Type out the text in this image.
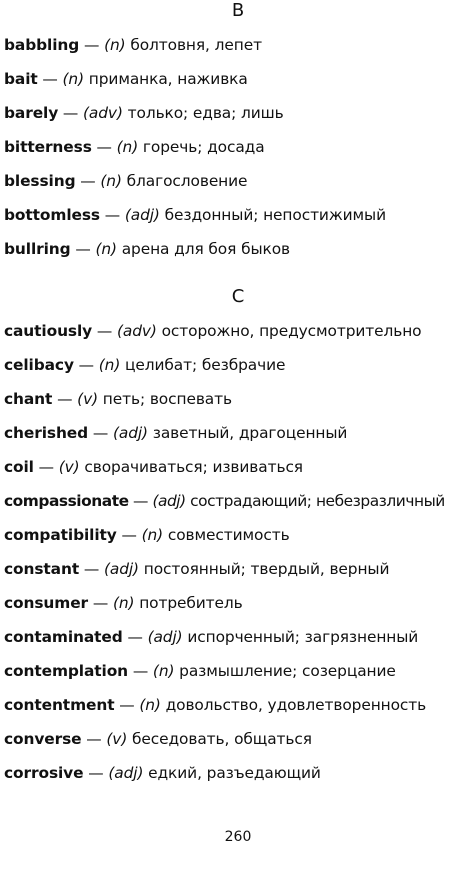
B
babbling — (n) болтовня, лепет
bait — (n) приманка, наживка
barely — (adv) только; едва; лишь
bitterness — (n) горечь; досада
blessing — (n) благословение
bottomless — (adj) бездонный; непостижимый
bullring — (n) арена для боя быков
C
cautiously — (adv) осторожно, предусмотрительно
celibacy — (n) целибат; безбрачие
chant — (v) петь; воспевать
cherished — (adj) заветный, драгоценный
coil — (v) сворачиваться; извиваться
compassionate — (adj) сострадающий; небезразличный
compatibility — (n) совместимость
constant — (adj) постоянный; твердый, верный
consumer — (n) потребитель
contaminated — (adj) испорченный; загрязненный
contemplation — (n) размышление; созерцание
contentment — (n) довольство, удовлетворенность
converse — (v) беседовать, общаться
corrosive — (adj) едкий, разъедающий
260
